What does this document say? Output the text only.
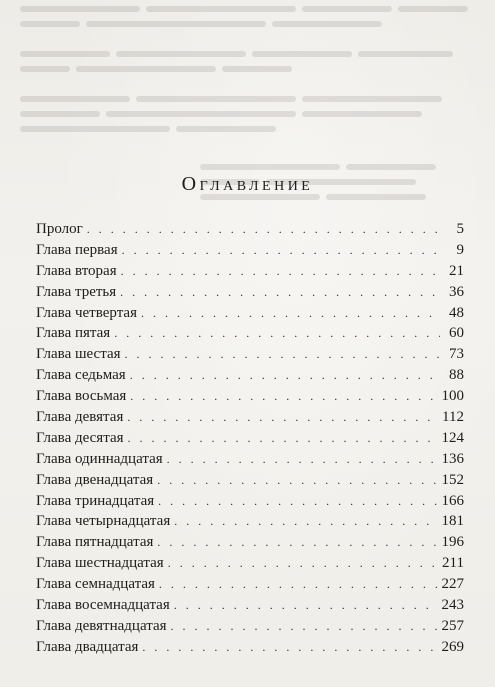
Оглавление
Пролог . . .	5
Глава первая . . .	9
Глава вторая . . .	21
Глава третья . . .	36
Глава четвертая . . .	48
Глава пятая . . .	60
Глава шестая . . .	73
Глава седьмая . . .	88
Глава восьмая . . .	100
Глава девятая . . .	112
Глава десятая . . .	124
Глава одиннадцатая . . .	136
Глава двенадцатая . . .	152
Глава тринадцатая . . .	166
Глава четырнадцатая . . .	181
Глава пятнадцатая . . .	196
Глава шестнадцатая . . .	211
Глава семнадцатая . . .	227
Глава восемнадцатая . . .	243
Глава девятнадцатая . . .	257
Глава двадцатая . . .	269
